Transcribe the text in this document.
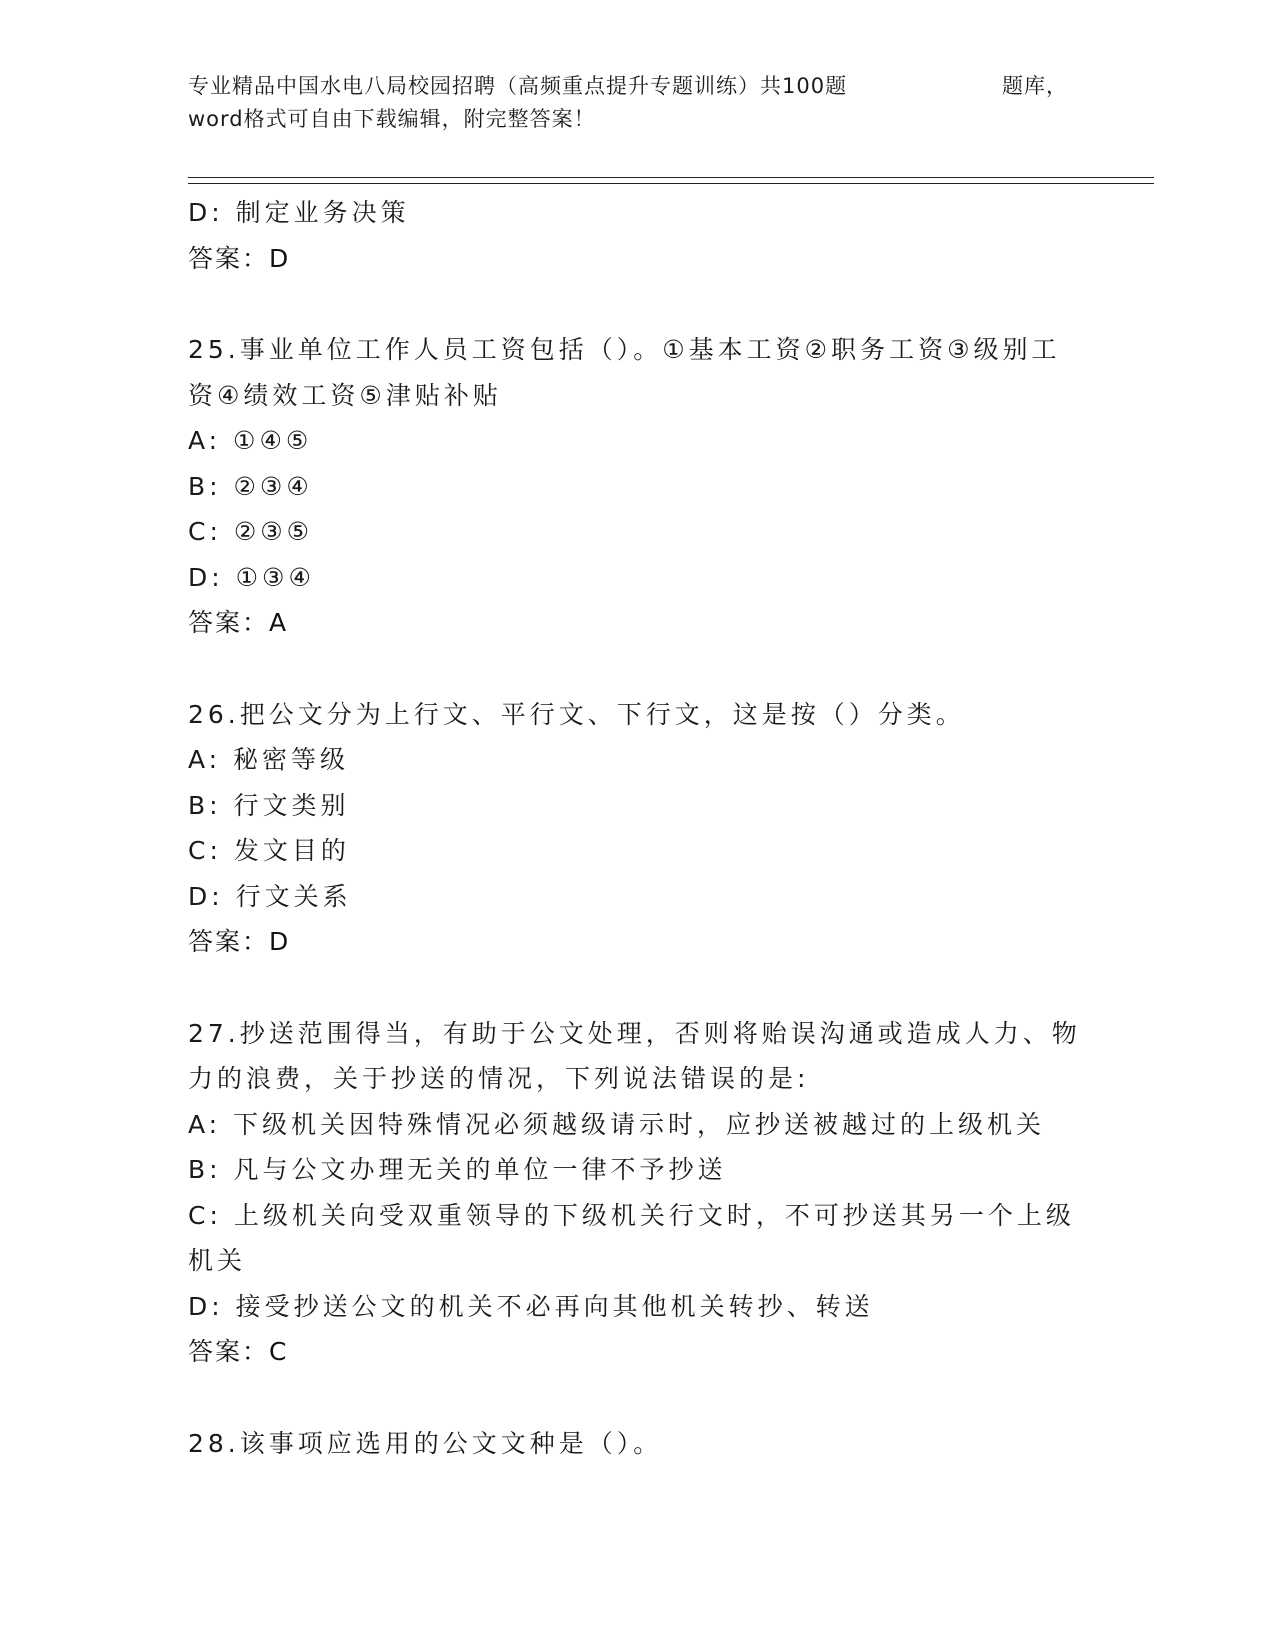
专业精品中国水电八局校园招聘（高频重点提升专题训练）共100题	题库，
word格式可自由下载编辑，附完整答案！
D: 制定业务决策
答案：D
25.事业单位工作人员工资包括（）。①基本工资②职务工资③级别工
资④绩效工资⑤津贴补贴
A: ①④⑤
B: ②③④
C: ②③⑤
D: ①③④
答案：A
26.把公文分为上行文、平行文、下行文，这是按（）分类。
A: 秘密等级
B: 行文类别
C: 发文目的
D: 行文关系
答案：D
27.抄送范围得当，有助于公文处理，否则将贻误沟通或造成人力、物
力的浪费，关于抄送的情况，下列说法错误的是:
A: 下级机关因特殊情况必须越级请示时，应抄送被越过的上级机关
B: 凡与公文办理无关的单位一律不予抄送
C: 上级机关向受双重领导的下级机关行文时，不可抄送其另一个上级
机关
D: 接受抄送公文的机关不必再向其他机关转抄、转送
答案：C
28.该事项应选用的公文文种是（）。
